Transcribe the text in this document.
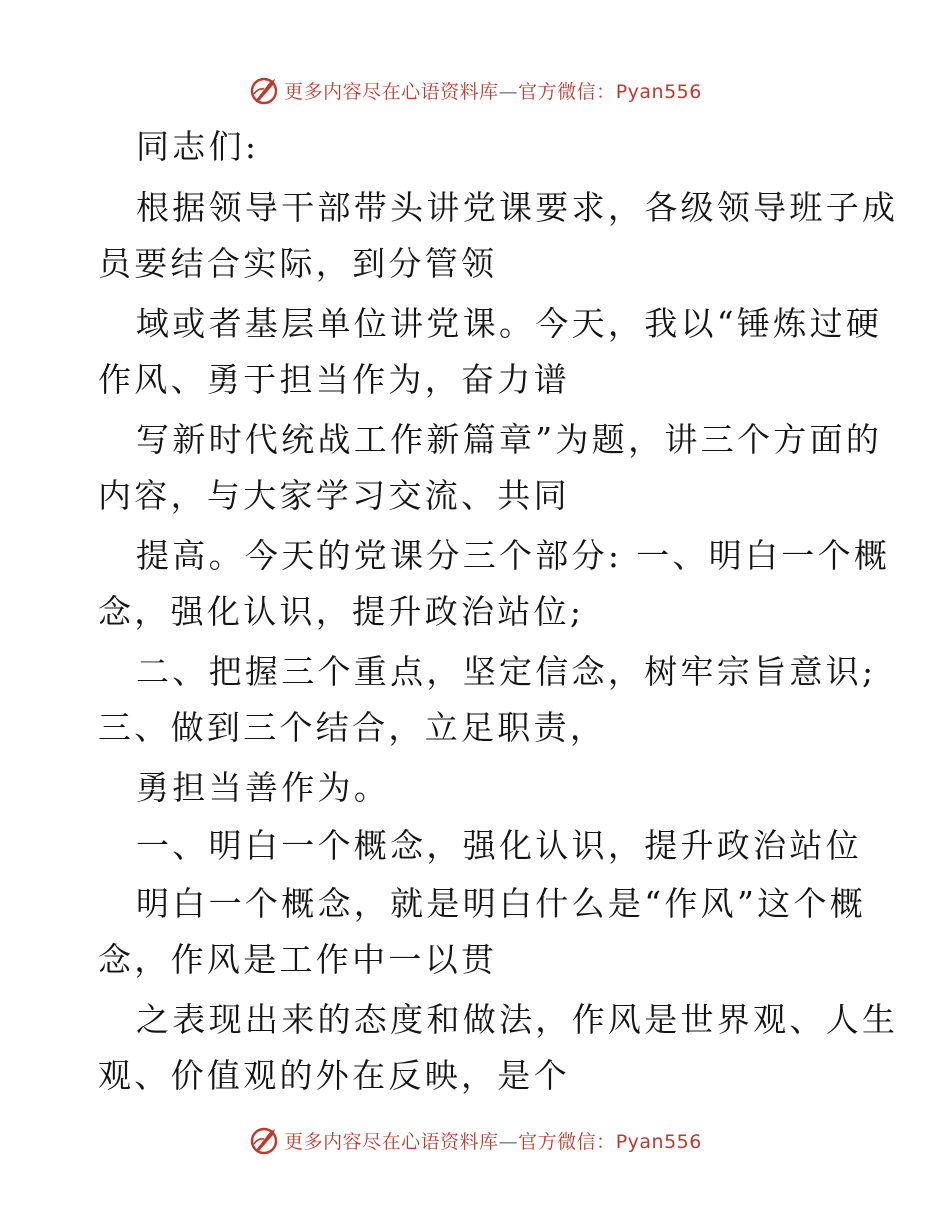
更多内容尽在心语资料库—官方微信：Pyan556
同志们:
根据领导干部带头讲党课要求，各级领导班子成
员要结合实际，到分管领
域或者基层单位讲党课。今天，我以“锤炼过硬
作风、勇于担当作为，奋力谱
写新时代统战工作新篇章”为题，讲三个方面的
内容，与大家学习交流、共同
提高。今天的党课分三个部分: 一、明白一个概
念，强化认识，提升政治站位;
二、把握三个重点，坚定信念，树牢宗旨意识;
三、做到三个结合，立足职责，
勇担当善作为。
一、明白一个概念，强化认识，提升政治站位
明白一个概念，就是明白什么是“作风”这个概
念，作风是工作中一以贯
之表现出来的态度和做法，作风是世界观、人生
观、价值观的外在反映，是个
更多内容尽在心语资料库—官方微信：Pyan556
